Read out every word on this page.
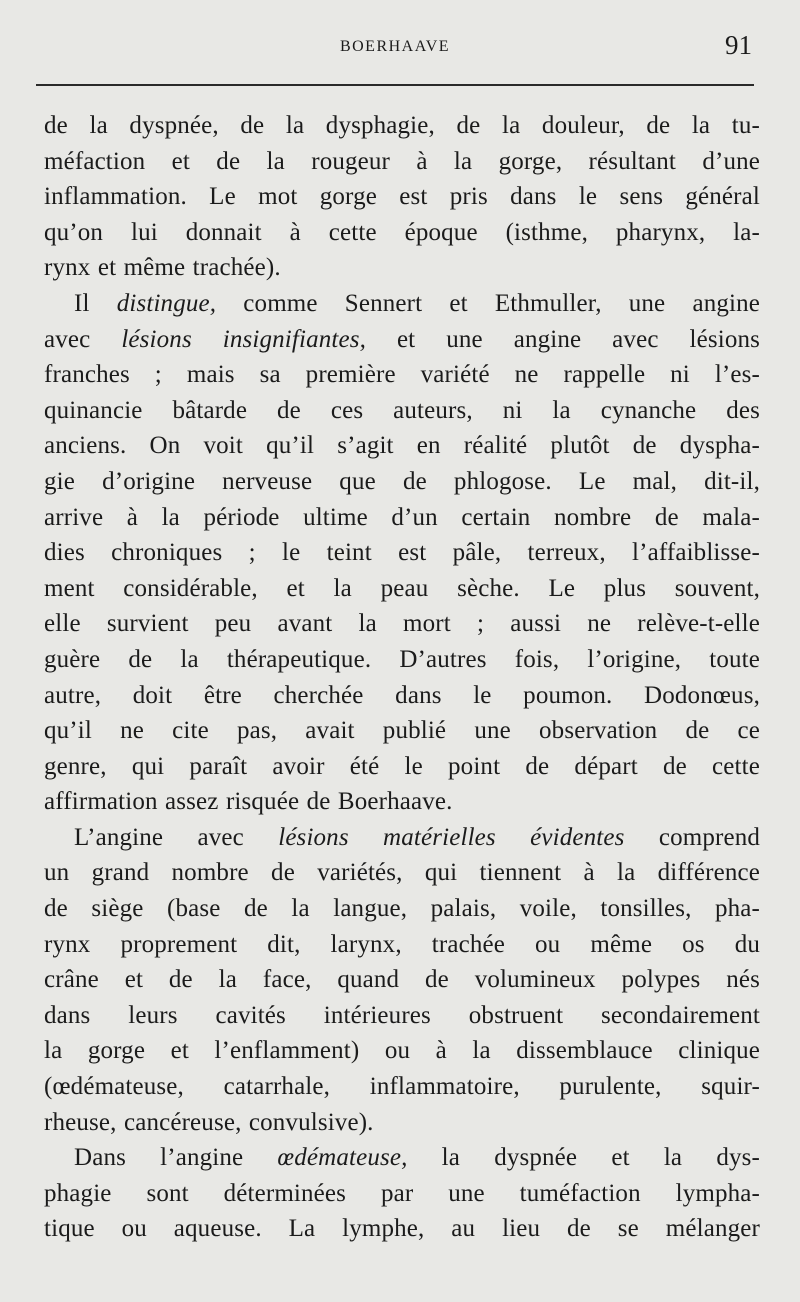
BOERHAAVE	91
de la dyspnée, de la dysphagie, de la douleur, de la tu-
méfaction et de la rougeur à la gorge, résultant d’une
inflammation. Le mot gorge est pris dans le sens général
qu’on lui donnait à cette époque (isthme, pharynx, la-
rynx et même trachée).
Il distingue, comme Sennert et Ethmuller, une angine
avec lésions insignifiantes, et une angine avec lésions
franches ; mais sa première variété ne rappelle ni l’es-
quinancie bâtarde de ces auteurs, ni la cynanche des
anciens. On voit qu’il s’agit en réalité plutôt de dyspha-
gie d’origine nerveuse que de phlogose. Le mal, dit-il,
arrive à la période ultime d’un certain nombre de mala-
dies chroniques ; le teint est pâle, terreux, l’affaiblisse-
ment considérable, et la peau sèche. Le plus souvent,
elle survient peu avant la mort ; aussi ne relève-t-elle
guère de la thérapeutique. D’autres fois, l’origine, toute
autre, doit être cherchée dans le poumon. Dodonœus,
qu’il ne cite pas, avait publié une observation de ce
genre, qui paraît avoir été le point de départ de cette
affirmation assez risquée de Boerhaave.
L’angine avec lésions matérielles évidentes comprend
un grand nombre de variétés, qui tiennent à la différence
de siège (base de la langue, palais, voile, tonsilles, pha-
rynx proprement dit, larynx, trachée ou même os du
crâne et de la face, quand de volumineux polypes nés
dans leurs cavités intérieures obstruent secondairement
la gorge et l’enflamment) ou à la dissemblauce clinique
(œdémateuse, catarrhale, inflammatoire, purulente, squir-
rheuse, cancéreuse, convulsive).
Dans l’angine œdémateuse, la dyspnée et la dys-
phagie sont déterminées par une tuméfaction lympha-
tique ou aqueuse. La lymphe, au lieu de se mélanger
